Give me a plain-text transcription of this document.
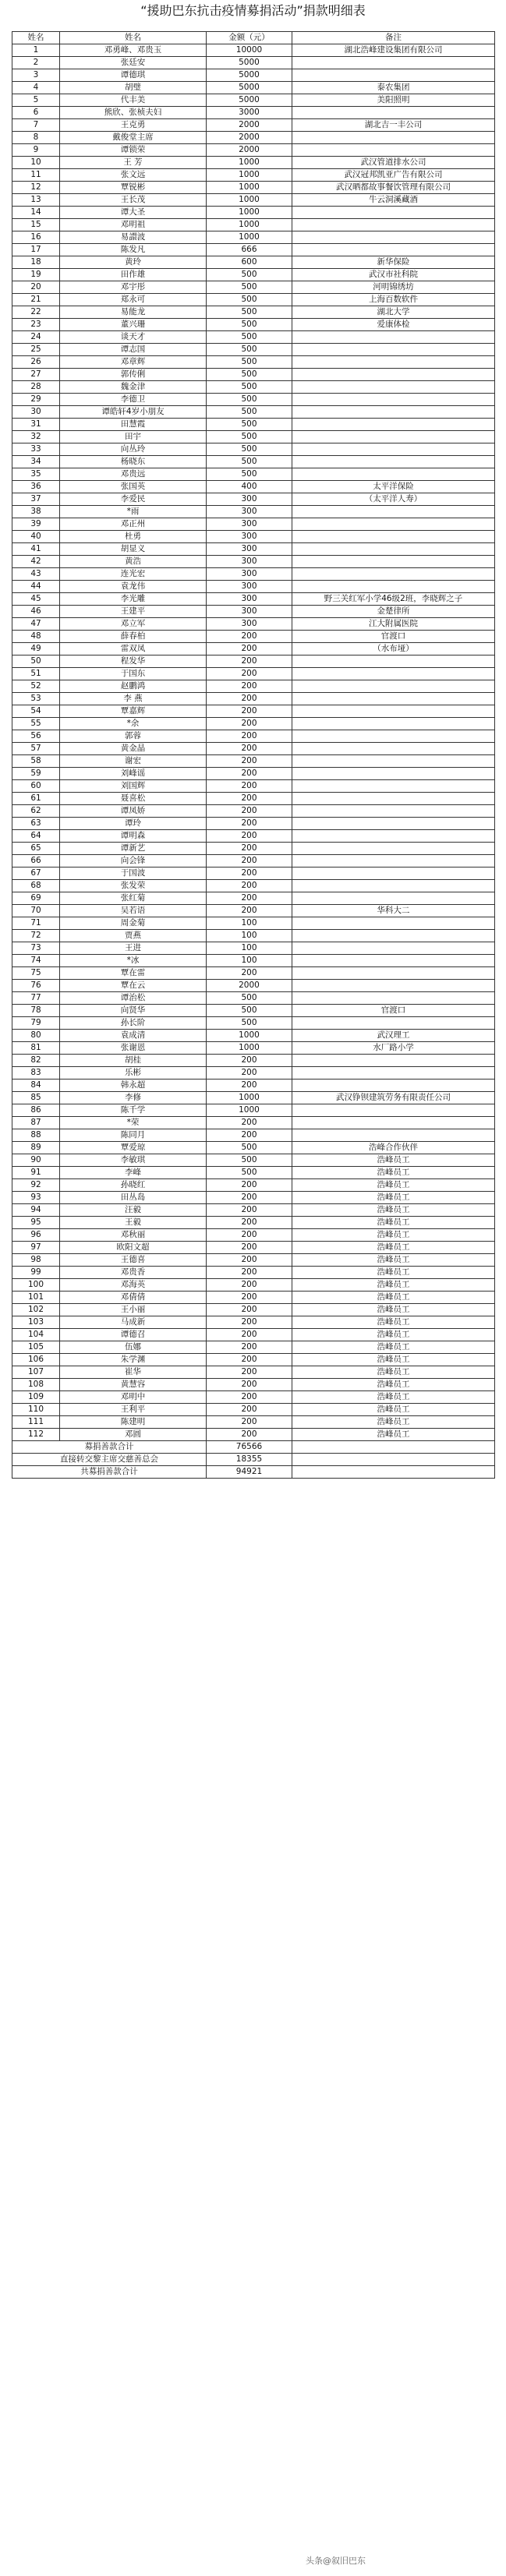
“援助巴东抗击疫情募捐活动”捐款明细表
姓名	姓名	金额（元）	备注
1	邓勇峰、邓贵玉	10000	湖北浩峰建设集团有限公司
2	张廷安	5000	
3	谭德琪	5000	
4	胡璧	5000	泰农集团
5	代丰美	5000	美阳照明
6	熊欣、张桢夫妇	3000	
7	王克勇	2000	湖北吉一丰公司
8	戴俊堂主席	2000	
9	谭锁荣	2000	
10	王 芳	1000	武汉管道排水公司
11	张文远	1000	武汉冠邦凯亚广告有限公司
12	覃锐彬	1000	武汉晒都故事餐饮管理有限公司
13	王长茂	1000	牛云洞溪藏酒
14	谭大圣	1000	
15	邓明祖	1000	
16	易譞波	1000	
17	陈发凡	666	
18	黄玲	600	新华保险
19	田作雄	500	武汉市社科院
20	邓宇彤	500	河明锦绣坊
21	郑永可	500	上海百数软件
22	易能龙	500	湖北大学
23	董兴珊	500	爱康体检
24	谈天才	500	
25	谭志国	500	
26	邓章辉	500	
27	郭传俐	500	
28	魏金津	500	
29	李德卫	500	
30	谭皓轩4岁小朋友	500	
31	田慧霞	500	
32	田宇	500	
33	向丛玲	500	
34	杨晓东	500	
35	邓贵远	500	
36	张国英	400	太平洋保险
37	李爱民	300	（太平洋人寿）
38	*雨	300	
39	邓正州	300	
40	杜勇	300	
41	胡显义	300	
42	黄浩	300	
43	连光宏	300	
44	袁龙伟	300	
45	李光雕	300	野三关红军小学46级2班，李晓辉之子
46	王建平	300	金楚律所
47	邓立军	300	江大附属医院
48	薛春柏	200	官渡口
49	雷双凤	200	（水布垭）
50	程发华	200	
51	于国东	200	
52	赵鹏鸿	200	
53	李 燕	200	
54	覃嘉辉	200	
55	*余	200	
56	郭蓉	200	
57	黄金晶	200	
58	谢宏	200	
59	刘峰谣	200	
60	刘国辉	200	
61	聂喜松	200	
62	谭凤娇	200	
63	谭玲	200	
64	谭明森	200	
65	谭新艺	200	
66	向会锋	200	
67	于国波	200	
68	张发荣	200	
69	张红菊	200	
70	吴若语	200	华科大二
71	周金菊	100	
72	贾燕	100	
73	王进	100	
74	*冰	100	
75	覃在雷	200	
76	覃在云	2000	
77	谭治松	500	
78	向贤华	500	官渡口
79	孙长阶	500	
80	袁成清	1000	武汉理工
81	张谢恩	1000	水厂路小学
82	胡桂	200	
83	乐彬	200	
84	韩永超	200	
85	李修	1000	武汉铮钡建筑劳务有限责任公司
86	陈千学	1000	
87	*荣	200	
88	陈同月	200	
89	覃爱琼	500	浩峰合作伙伴
90	李敏琪	500	浩峰员工
91	李峰	500	浩峰员工
92	孙晓红	200	浩峰员工
93	田丛岛	200	浩峰员工
94	汪毅	200	浩峰员工
95	王毅	200	浩峰员工
96	邓秋丽	200	浩峰员工
97	欧阳文超	200	浩峰员工
98	王德喜	200	浩峰员工
99	邓贵香	200	浩峰员工
100	邓海英	200	浩峰员工
101	邓倩倩	200	浩峰员工
102	王小丽	200	浩峰员工
103	马成新	200	浩峰员工
104	谭德召	200	浩峰员工
105	伍娜	200	浩峰员工
106	朱学渊	200	浩峰员工
107	崔华	200	浩峰员工
108	黄慧容	200	浩峰员工
109	邓明中	200	浩峰员工
110	王利平	200	浩峰员工
111	陈建明	200	浩峰员工
112	邓圆	200	浩峰员工
募捐善款合计		76566	
直接转交黎主席交慈善总会		18355	
共募捐善款合计		94921	
头条@叙旧巴东
